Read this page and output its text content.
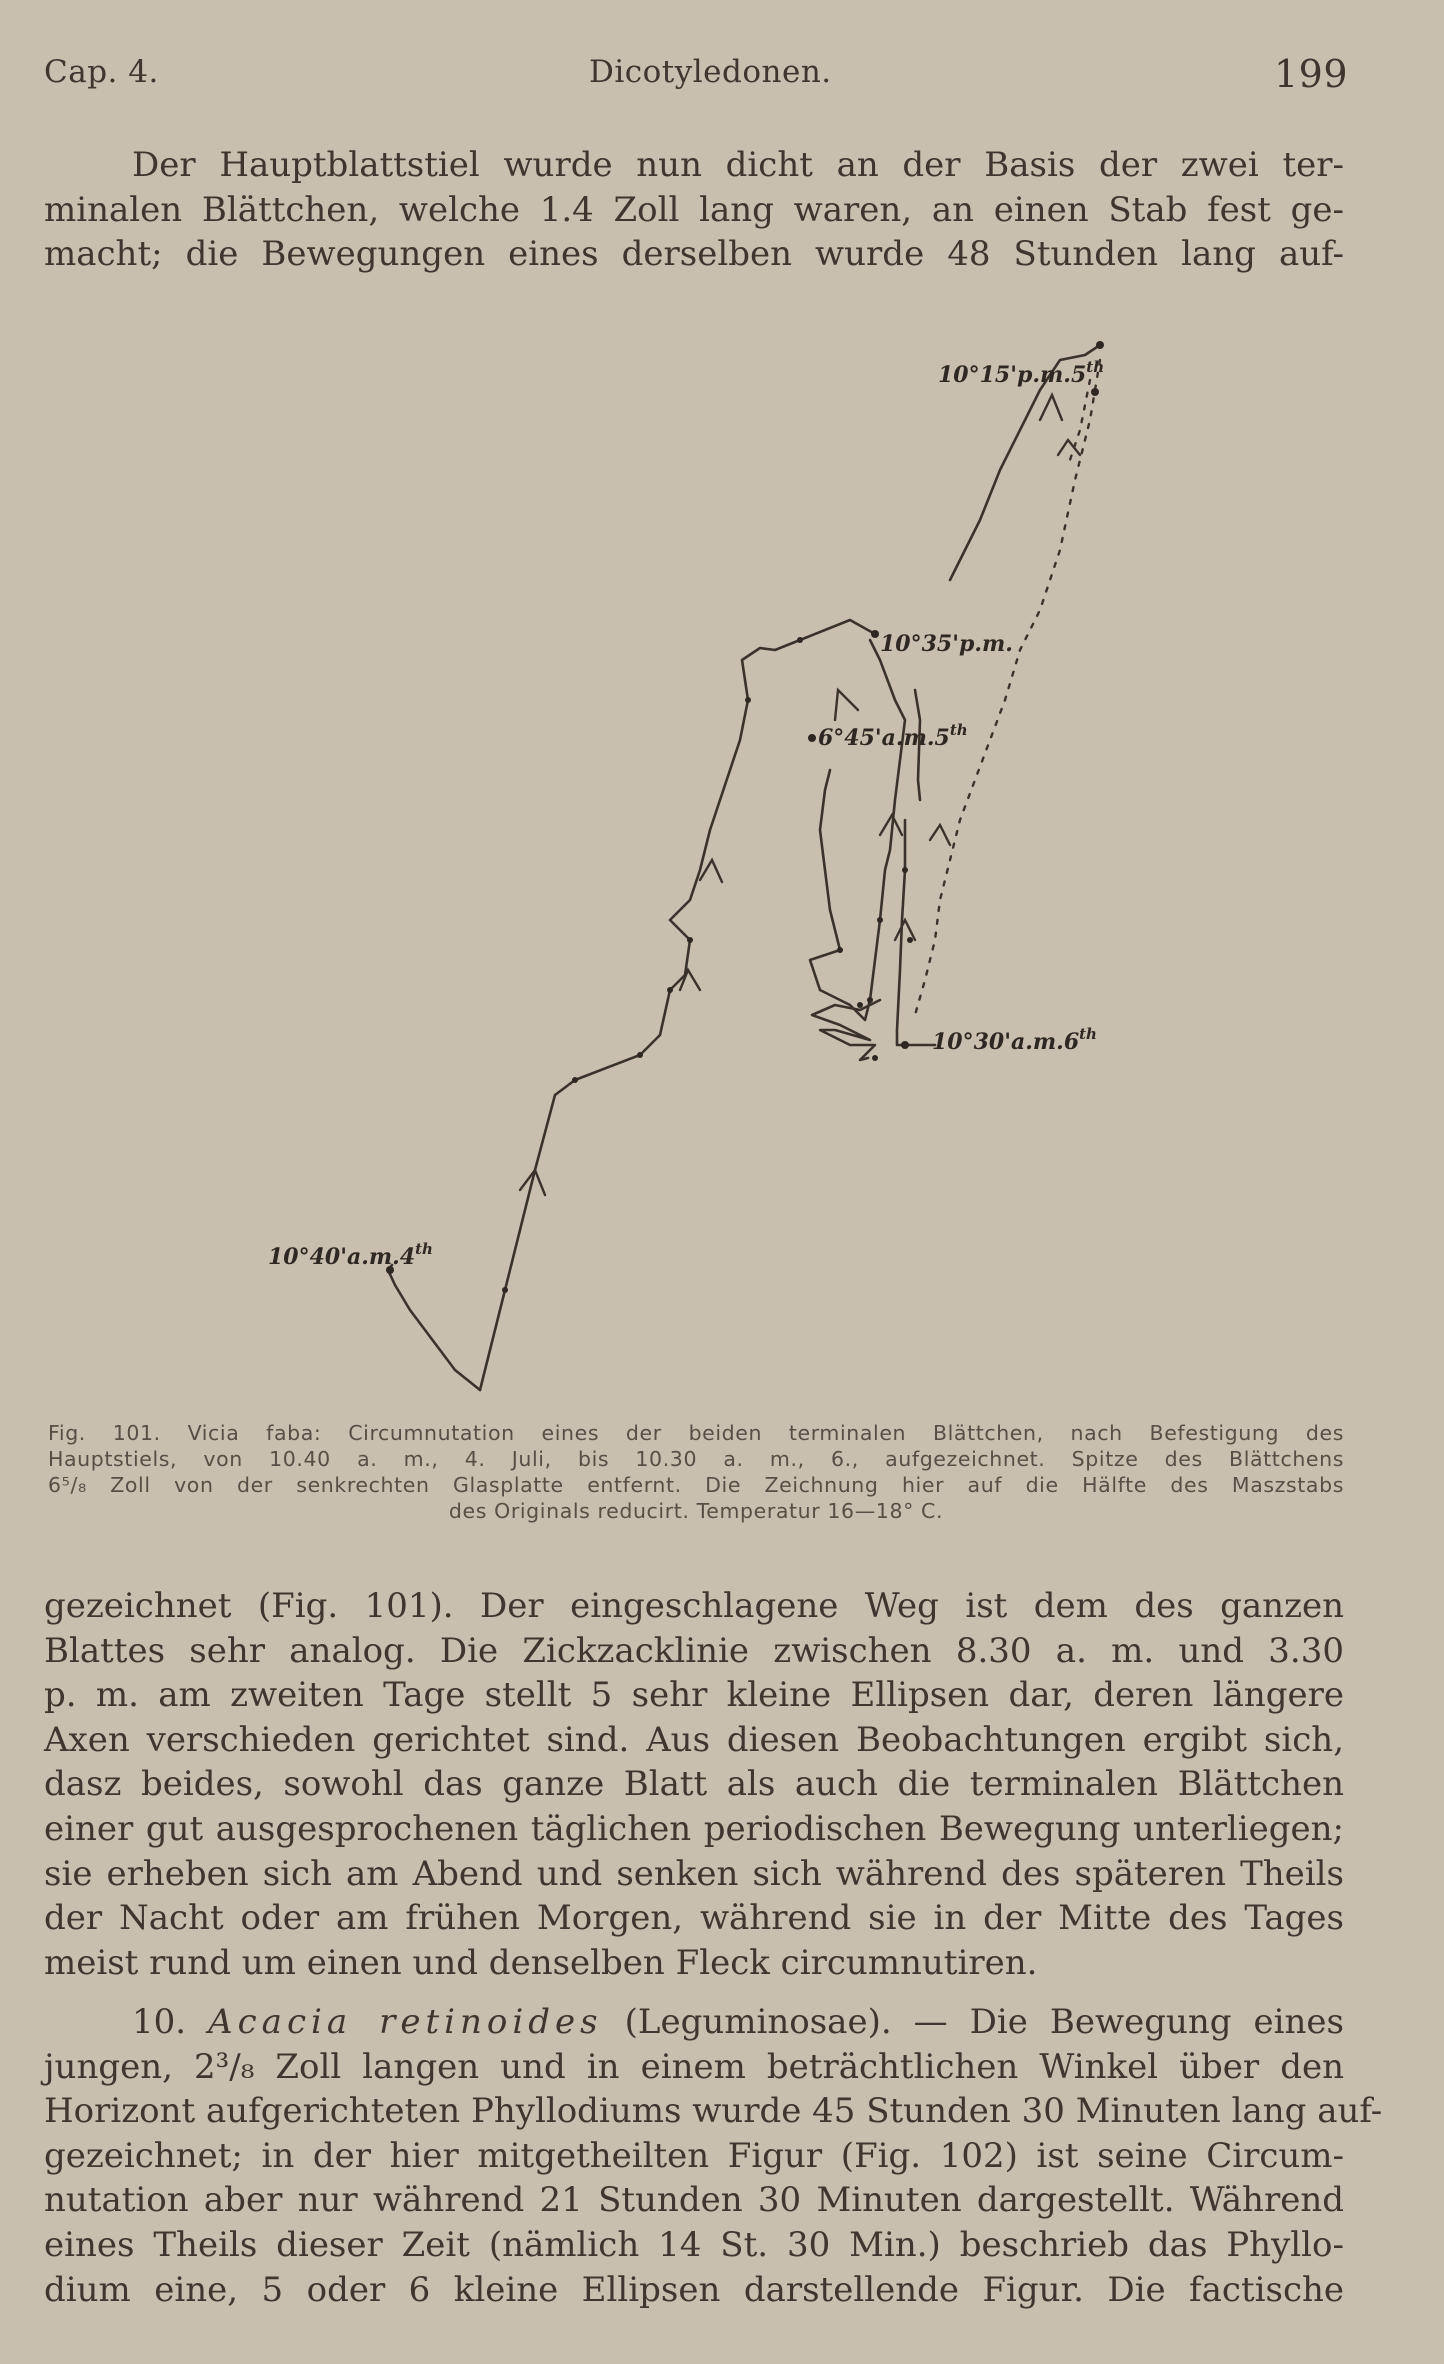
Cap. 4.	Dicotyledonen.	199

Der Hauptblattstiel wurde nun dicht an der Basis der zwei ter-
minalen Blättchen, welche 1.4 Zoll lang waren, an einen Stab fest ge-
macht; die Bewegungen eines derselben wurde 48 Stunden lang auf-

10°15'p.m.5th
10°35'p.m.
6°45'a.m.5th
10°30'a.m.6th
10°40'a.m.4th

Fig. 101. Vicia faba: Circumnutation eines der beiden terminalen Blättchen, nach Befestigung des
Hauptstiels, von 10.40 a. m., 4. Juli, bis 10.30 a. m., 6., aufgezeichnet. Spitze des Blättchens
6⁵/₈ Zoll von der senkrechten Glasplatte entfernt. Die Zeichnung hier auf die Hälfte des Maszstabs
des Originals reducirt. Temperatur 16—18° C.

gezeichnet (Fig. 101). Der eingeschlagene Weg ist dem des ganzen
Blattes sehr analog. Die Zickzacklinie zwischen 8.30 a. m. und 3.30
p. m. am zweiten Tage stellt 5 sehr kleine Ellipsen dar, deren längere
Axen verschieden gerichtet sind. Aus diesen Beobachtungen ergibt sich,
dasz beides, sowohl das ganze Blatt als auch die terminalen Blättchen
einer gut ausgesprochenen täglichen periodischen Bewegung unterliegen;
sie erheben sich am Abend und senken sich während des späteren Theils
der Nacht oder am frühen Morgen, während sie in der Mitte des Tages
meist rund um einen und denselben Fleck circumnutiren.

10. Acacia retinoides (Leguminosae). — Die Bewegung eines
jungen, 2³/₈ Zoll langen und in einem beträchtlichen Winkel über den
Horizont aufgerichteten Phyllodiums wurde 45 Stunden 30 Minuten lang auf-
gezeichnet; in der hier mitgetheilten Figur (Fig. 102) ist seine Circum-
nutation aber nur während 21 Stunden 30 Minuten dargestellt. Während
eines Theils dieser Zeit (nämlich 14 St. 30 Min.) beschrieb das Phyllo-
dium eine, 5 oder 6 kleine Ellipsen darstellende Figur. Die factische
